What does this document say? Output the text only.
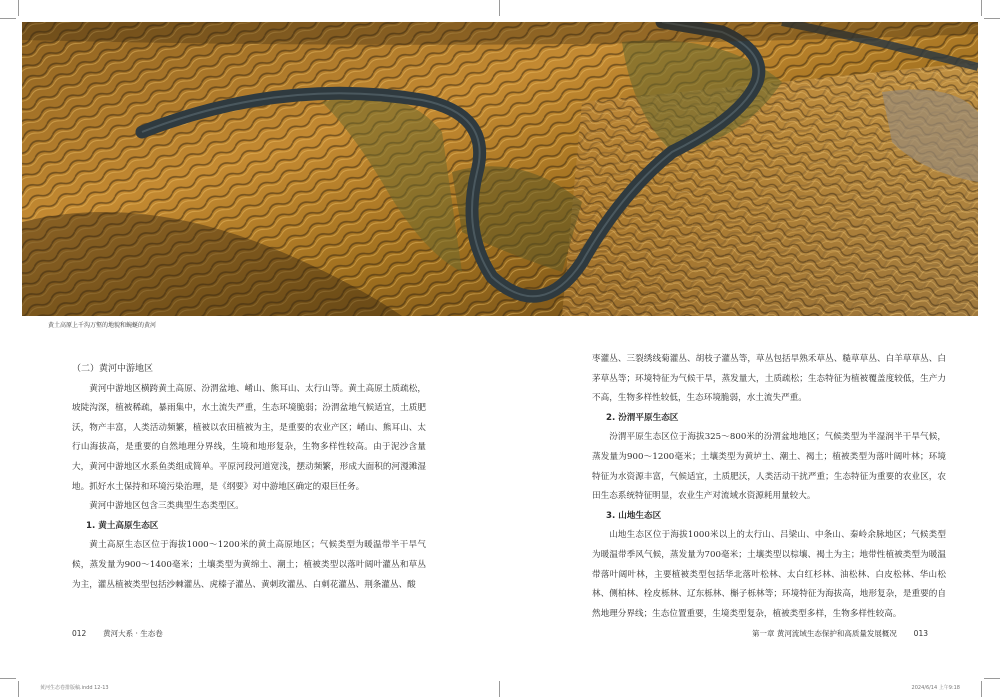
黄土高原上千沟万壑的地貌和蜿蜒的黄河
（二）黄河中游地区

黄河中游地区横跨黄土高原、汾渭盆地、崤山、熊耳山、太行山等。黄土高原土质疏松，坡陡沟深，植被稀疏，暴雨集中，水土流失严重，生态环境脆弱；汾渭盆地气候适宜，土质肥沃，物产丰富，人类活动频繁，植被以农田植被为主，是重要的农业产区；崤山、熊耳山、太行山海拔高，是重要的自然地理分界线，生境和地形复杂，生物多样性较高。由于泥沙含量大，黄河中游地区水系鱼类组成简单。平原河段河道宽浅，摆动频繁，形成大面积的河漫滩湿地。抓好水土保持和环境污染治理，是《纲要》对中游地区确定的艰巨任务。

黄河中游地区包含三类典型生态类型区。

1. 黄土高原生态区

黄土高原生态区位于海拔1000～1200米的黄土高原地区；气候类型为暖温带半干旱气候，蒸发量为900～1400毫米；土壤类型为黄绵土、潮土；植被类型以落叶阔叶灌丛和草丛为主，灌丛植被类型包括沙棘灌丛、虎榛子灌丛、黄刺玫灌丛、白刺花灌丛、荆条灌丛、酸

枣灌丛、三裂绣线菊灌丛、胡枝子灌丛等，草丛包括旱熟禾草丛、糙草草丛、白羊草草丛、白茅草丛等；环境特征为气候干旱，蒸发量大，土质疏松；生态特征为植被覆盖度较低，生产力不高，生物多样性较低，生态环境脆弱，水土流失严重。

2. 汾渭平原生态区

汾渭平原生态区位于海拔325～800米的汾渭盆地地区；气候类型为半湿润半干旱气候，蒸发量为900～1200毫米；土壤类型为黄垆土、潮土、褐土；植被类型为落叶阔叶林；环境特征为水资源丰富，气候适宜，土质肥沃，人类活动干扰严重；生态特征为重要的农业区，农田生态系统特征明显，农业生产对流域水资源耗用量较大。

3. 山地生态区

山地生态区位于海拔1000米以上的太行山、吕梁山、中条山、秦岭余脉地区；气候类型为暖温带季风气候，蒸发量为700毫米；土壤类型以棕壤、褐土为主；地带性植被类型为暖温带落叶阔叶林，主要植被类型包括华北落叶松林、太白红杉林、油松林、白皮松林、华山松林、侧柏林、栓皮栎林、辽东栎林、槲子栎林等；环境特征为海拔高，地形复杂，是重要的自然地理分界线；生态位置重要，生境类型复杂，植被类型多样，生物多样性较高。

012 黄河大系 · 生态卷	第一章 黄河流域生态保护和高质量发展概况 013
黄河生态卷排版稿.indd 12-13	2024/6/14 上午9:18
